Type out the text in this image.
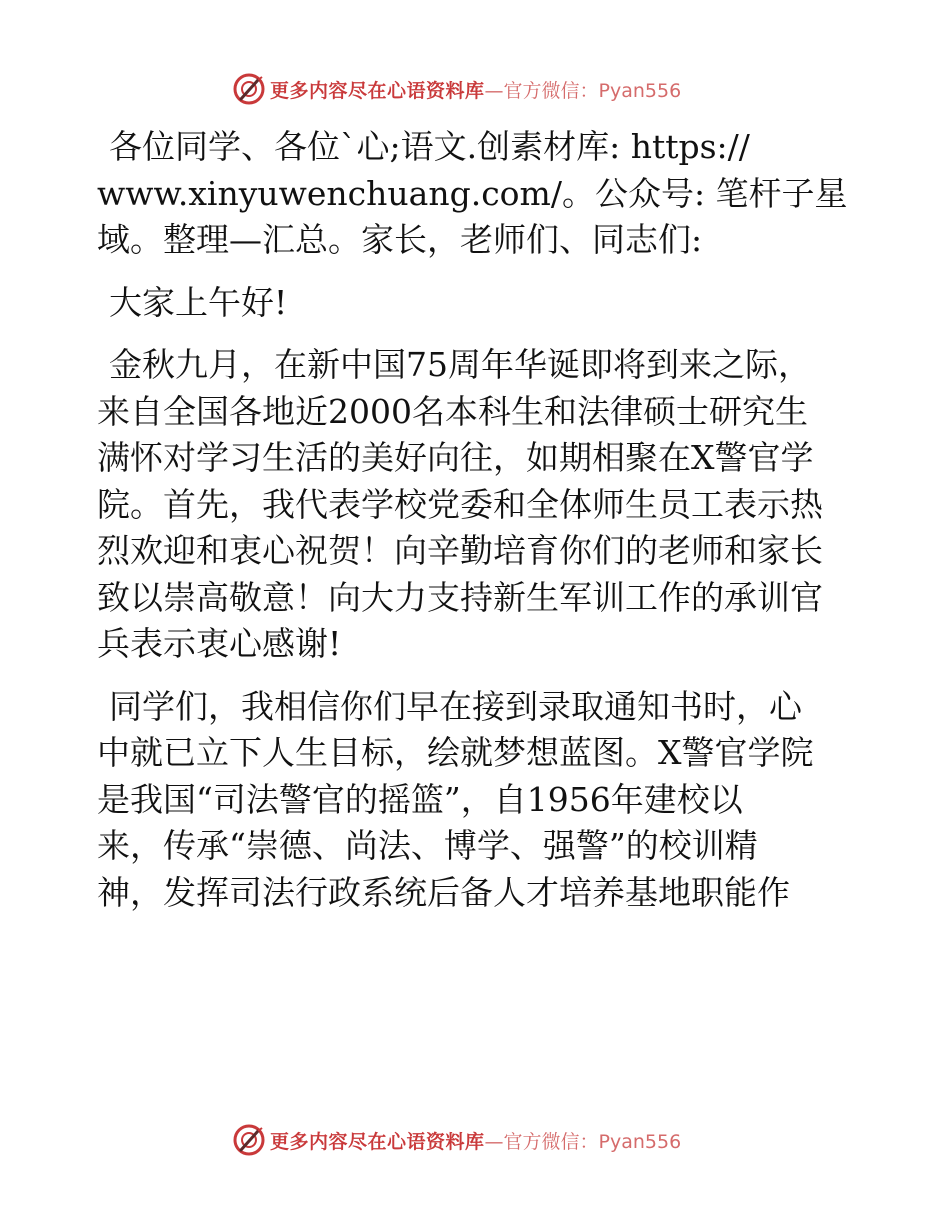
更多内容尽在心语资料库 —官方微信：Pyan556

各位同学、各位`心;语文.创素材库: https://
www.xinyuwenchuang.com/。公众号: 笔杆子星
域。整理—汇总。家长，老师们、同志们:

大家上午好!

金秋九月，在新中国75周年华诞即将到来之际，
来自全国各地近2000名本科生和法律硕士研究生
满怀对学习生活的美好向往，如期相聚在X警官学
院。首先，我代表学校党委和全体师生员工表示热
烈欢迎和衷心祝贺！向辛勤培育你们的老师和家长
致以崇高敬意！向大力支持新生军训工作的承训官
兵表示衷心感谢!

同学们，我相信你们早在接到录取通知书时，心
中就已立下人生目标，绘就梦想蓝图。X警官学院
是我国“司法警官的摇篮”，自1956年建校以
来，传承“崇德、尚法、博学、强警”的校训精
神，发挥司法行政系统后备人才培养基地职能作

更多内容尽在心语资料库 —官方微信：Pyan556
